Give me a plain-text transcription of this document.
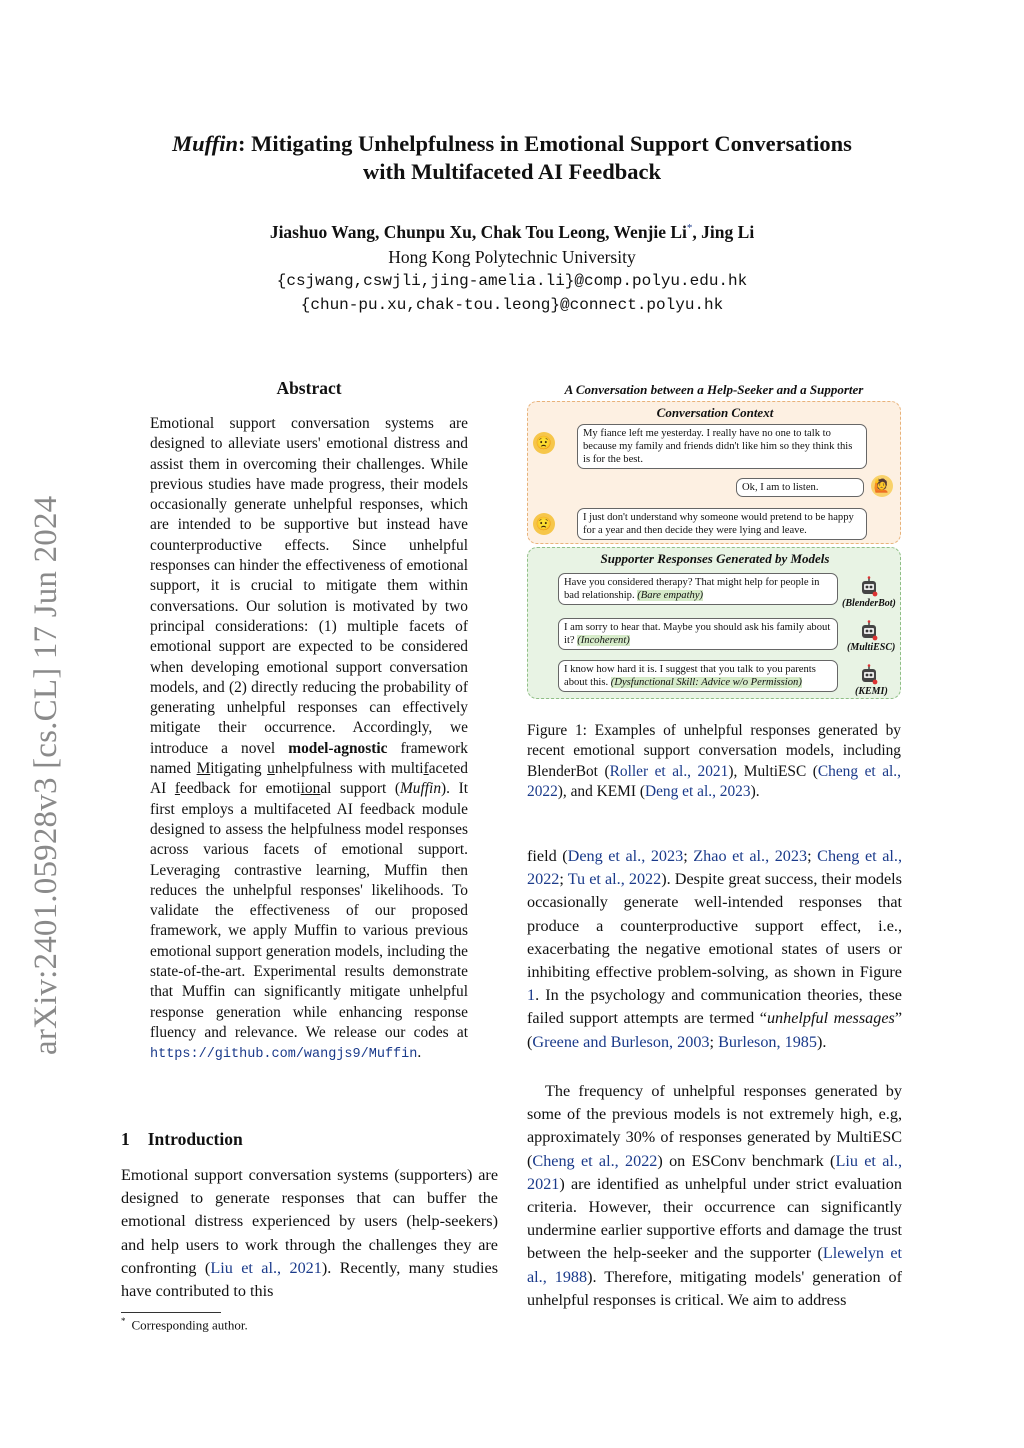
Muffin: Mitigating Unhelpfulness in Emotional Support Conversations
with Multifaceted AI Feedback
Jiashuo Wang, Chunpu Xu, Chak Tou Leong, Wenjie Li*, Jing Li
Hong Kong Polytechnic University
{csjwang,cswjli,jing-amelia.li}@comp.polyu.edu.hk
{chun-pu.xu,chak-tou.leong}@connect.polyu.hk
arXiv:2401.05928v3 [cs.CL] 17 Jun 2024
Abstract
Emotional support conversation systems are designed to alleviate users' emotional distress and assist them in overcoming their challenges. While previous studies have made progress, their models occasionally generate unhelpful responses, which are intended to be supportive but instead have counterproductive effects. Since unhelpful responses can hinder the effectiveness of emotional support, it is crucial to mitigate them within conversations. Our solution is motivated by two principal considerations: (1) multiple facets of emotional support are expected to be considered when developing emotional support conversation models, and (2) directly reducing the probability of generating unhelpful responses can effectively mitigate their occurrence. Accordingly, we introduce a novel model-agnostic framework named Mitigating unhelpfulness with multifaceted AI feedback for emotiional support (Muffin). It first employs a multifaceted AI feedback module designed to assess the helpfulness model responses across various facets of emotional support. Leveraging contrastive learning, Muffin then reduces the unhelpful responses' likelihoods. To validate the effectiveness of our proposed framework, we apply Muffin to various previous emotional support generation models, including the state-of-the-art. Experimental results demonstrate that Muffin can significantly mitigate unhelpful response generation while enhancing response fluency and relevance. We release our codes at https://github.com/wangjs9/Muffin.
1 Introduction
Emotional support conversation systems (supporters) are designed to generate responses that can buffer the emotional distress experienced by users (help-seekers) and help users to work through the challenges they are confronting (Liu et al., 2021). Recently, many studies have contributed to this
* Corresponding author.
A Conversation between a Help-Seeker and a Supporter
Conversation Context
😟
My fiance left me yesterday. I really have no one to talk to because my family and friends didn't like him so they think this is for the best.
Ok, I am to listen.	🙋
😟	I just don't understand why someone would pretend to be happy for a year and then decide they were lying and leave.
Supporter Responses Generated by Models
Have you considered therapy? That might help for people in bad relationship. (Bare empathy)
(BlenderBot)
I am sorry to hear that. Maybe you should ask his family about it? (Incoherent)
(MultiESC)
I know how hard it is. I suggest that you talk to you parents about this. (Dysfunctional Skill: Advice w/o Permission)
(KEMI)
Figure 1: Examples of unhelpful responses generated by recent emotional support conversation models, including BlenderBot (Roller et al., 2021), MultiESC (Cheng et al., 2022), and KEMI (Deng et al., 2023).
field (Deng et al., 2023; Zhao et al., 2023; Cheng et al., 2022; Tu et al., 2022). Despite great success, their models occasionally generate well-intended responses that produce a counterproductive support effect, i.e., exacerbating the negative emotional states of users or inhibiting effective problem-solving, as shown in Figure 1. In the psychology and communication theories, these failed support attempts are termed “unhelpful messages” (Greene and Burleson, 2003; Burleson, 1985).
The frequency of unhelpful responses generated by some of the previous models is not extremely high, e.g, approximately 30% of responses generated by MultiESC (Cheng et al., 2022) on ESConv benchmark (Liu et al., 2021) are identified as unhelpful under strict evaluation criteria. However, their occurrence can significantly undermine earlier supportive efforts and damage the trust between the help-seeker and the supporter (Llewelyn et al., 1988). Therefore, mitigating models' generation of unhelpful responses is critical. We aim to address
